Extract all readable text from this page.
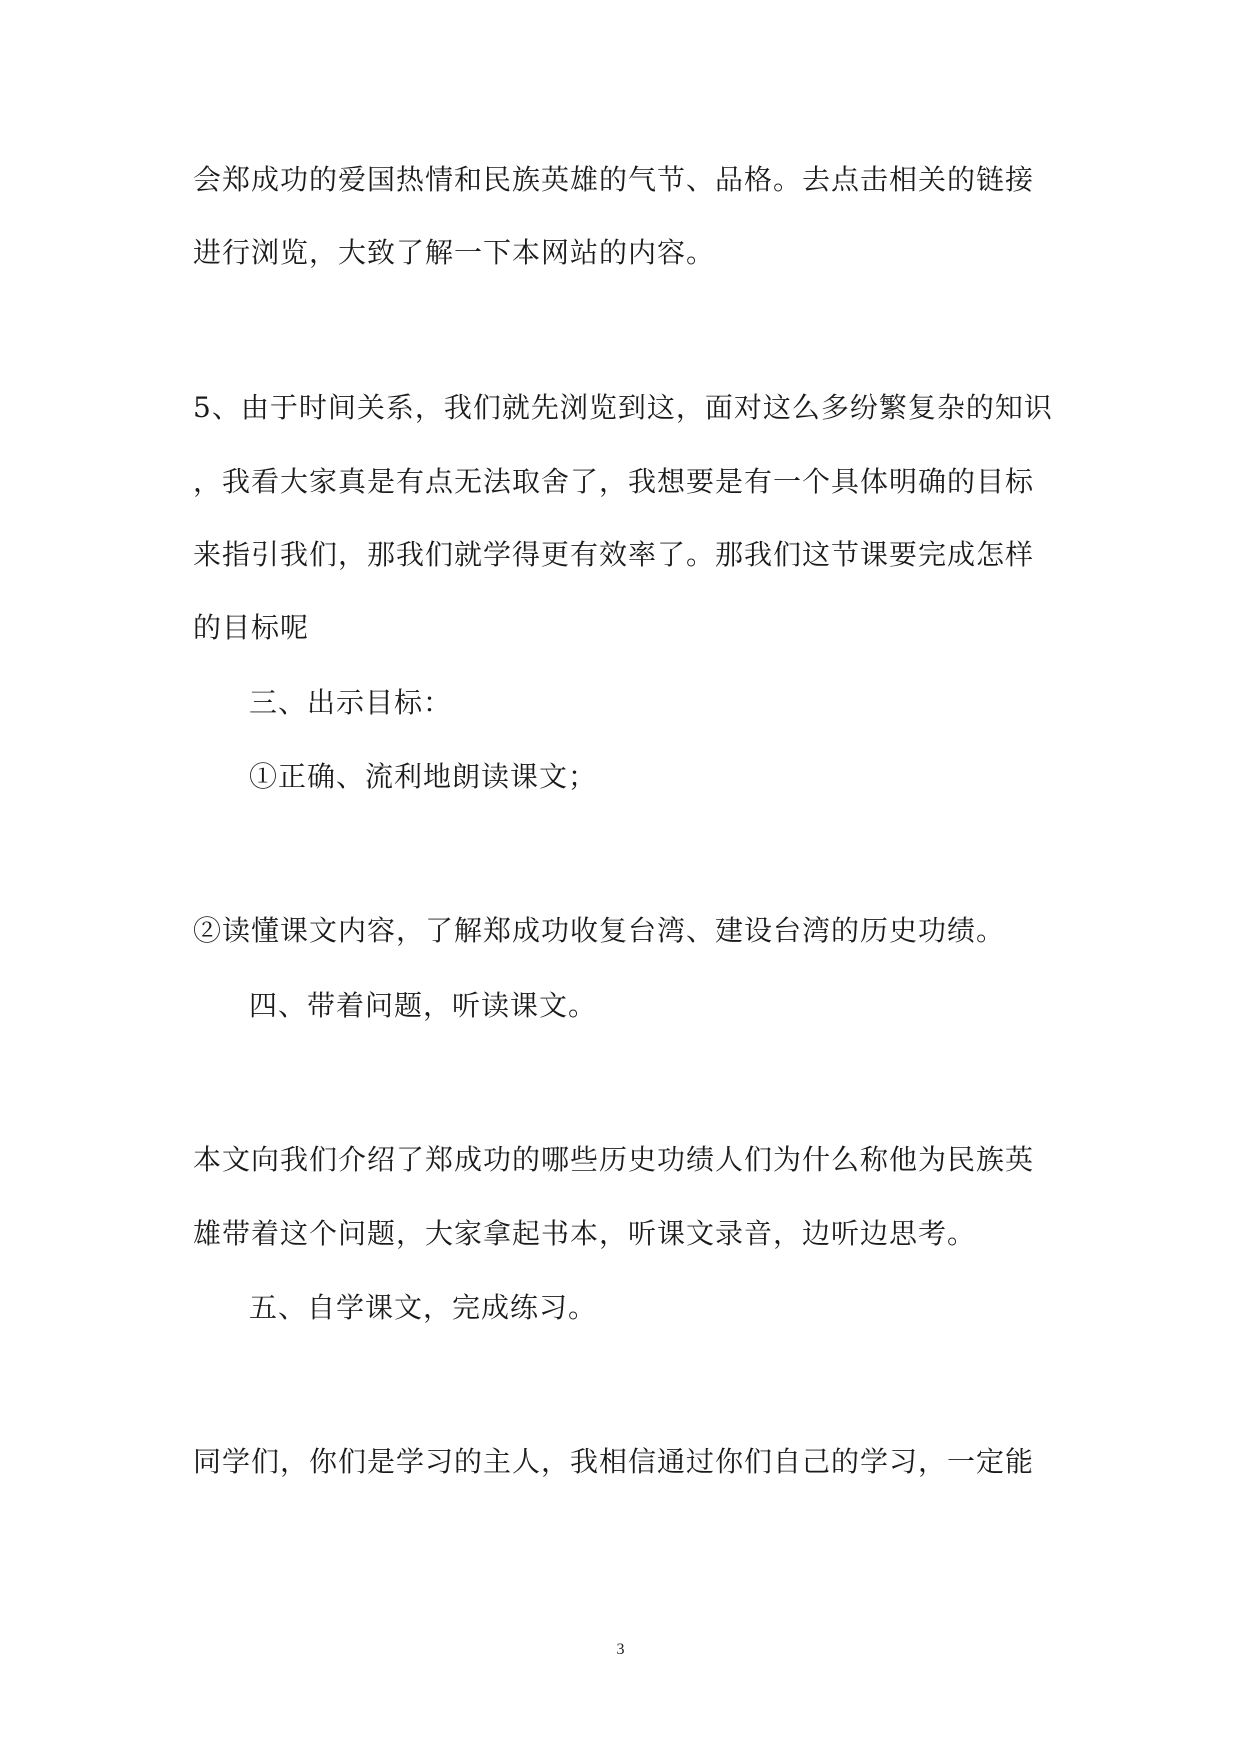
会郑成功的爱国热情和民族英雄的气节、品格。去点击相关的链接
进行浏览，大致了解一下本网站的内容。
5、由于时间关系，我们就先浏览到这，面对这么多纷繁复杂的知识
，我看大家真是有点无法取舍了，我想要是有一个具体明确的目标
来指引我们，那我们就学得更有效率了。那我们这节课要完成怎样
的目标呢
三、出示目标：
①正确、流利地朗读课文；
②读懂课文内容，了解郑成功收复台湾、建设台湾的历史功绩。
四、带着问题，听读课文。
本文向我们介绍了郑成功的哪些历史功绩人们为什么称他为民族英
雄带着这个问题，大家拿起书本，听课文录音，边听边思考。
五、自学课文，完成练习。
同学们，你们是学习的主人，我相信通过你们自己的学习，一定能
3
